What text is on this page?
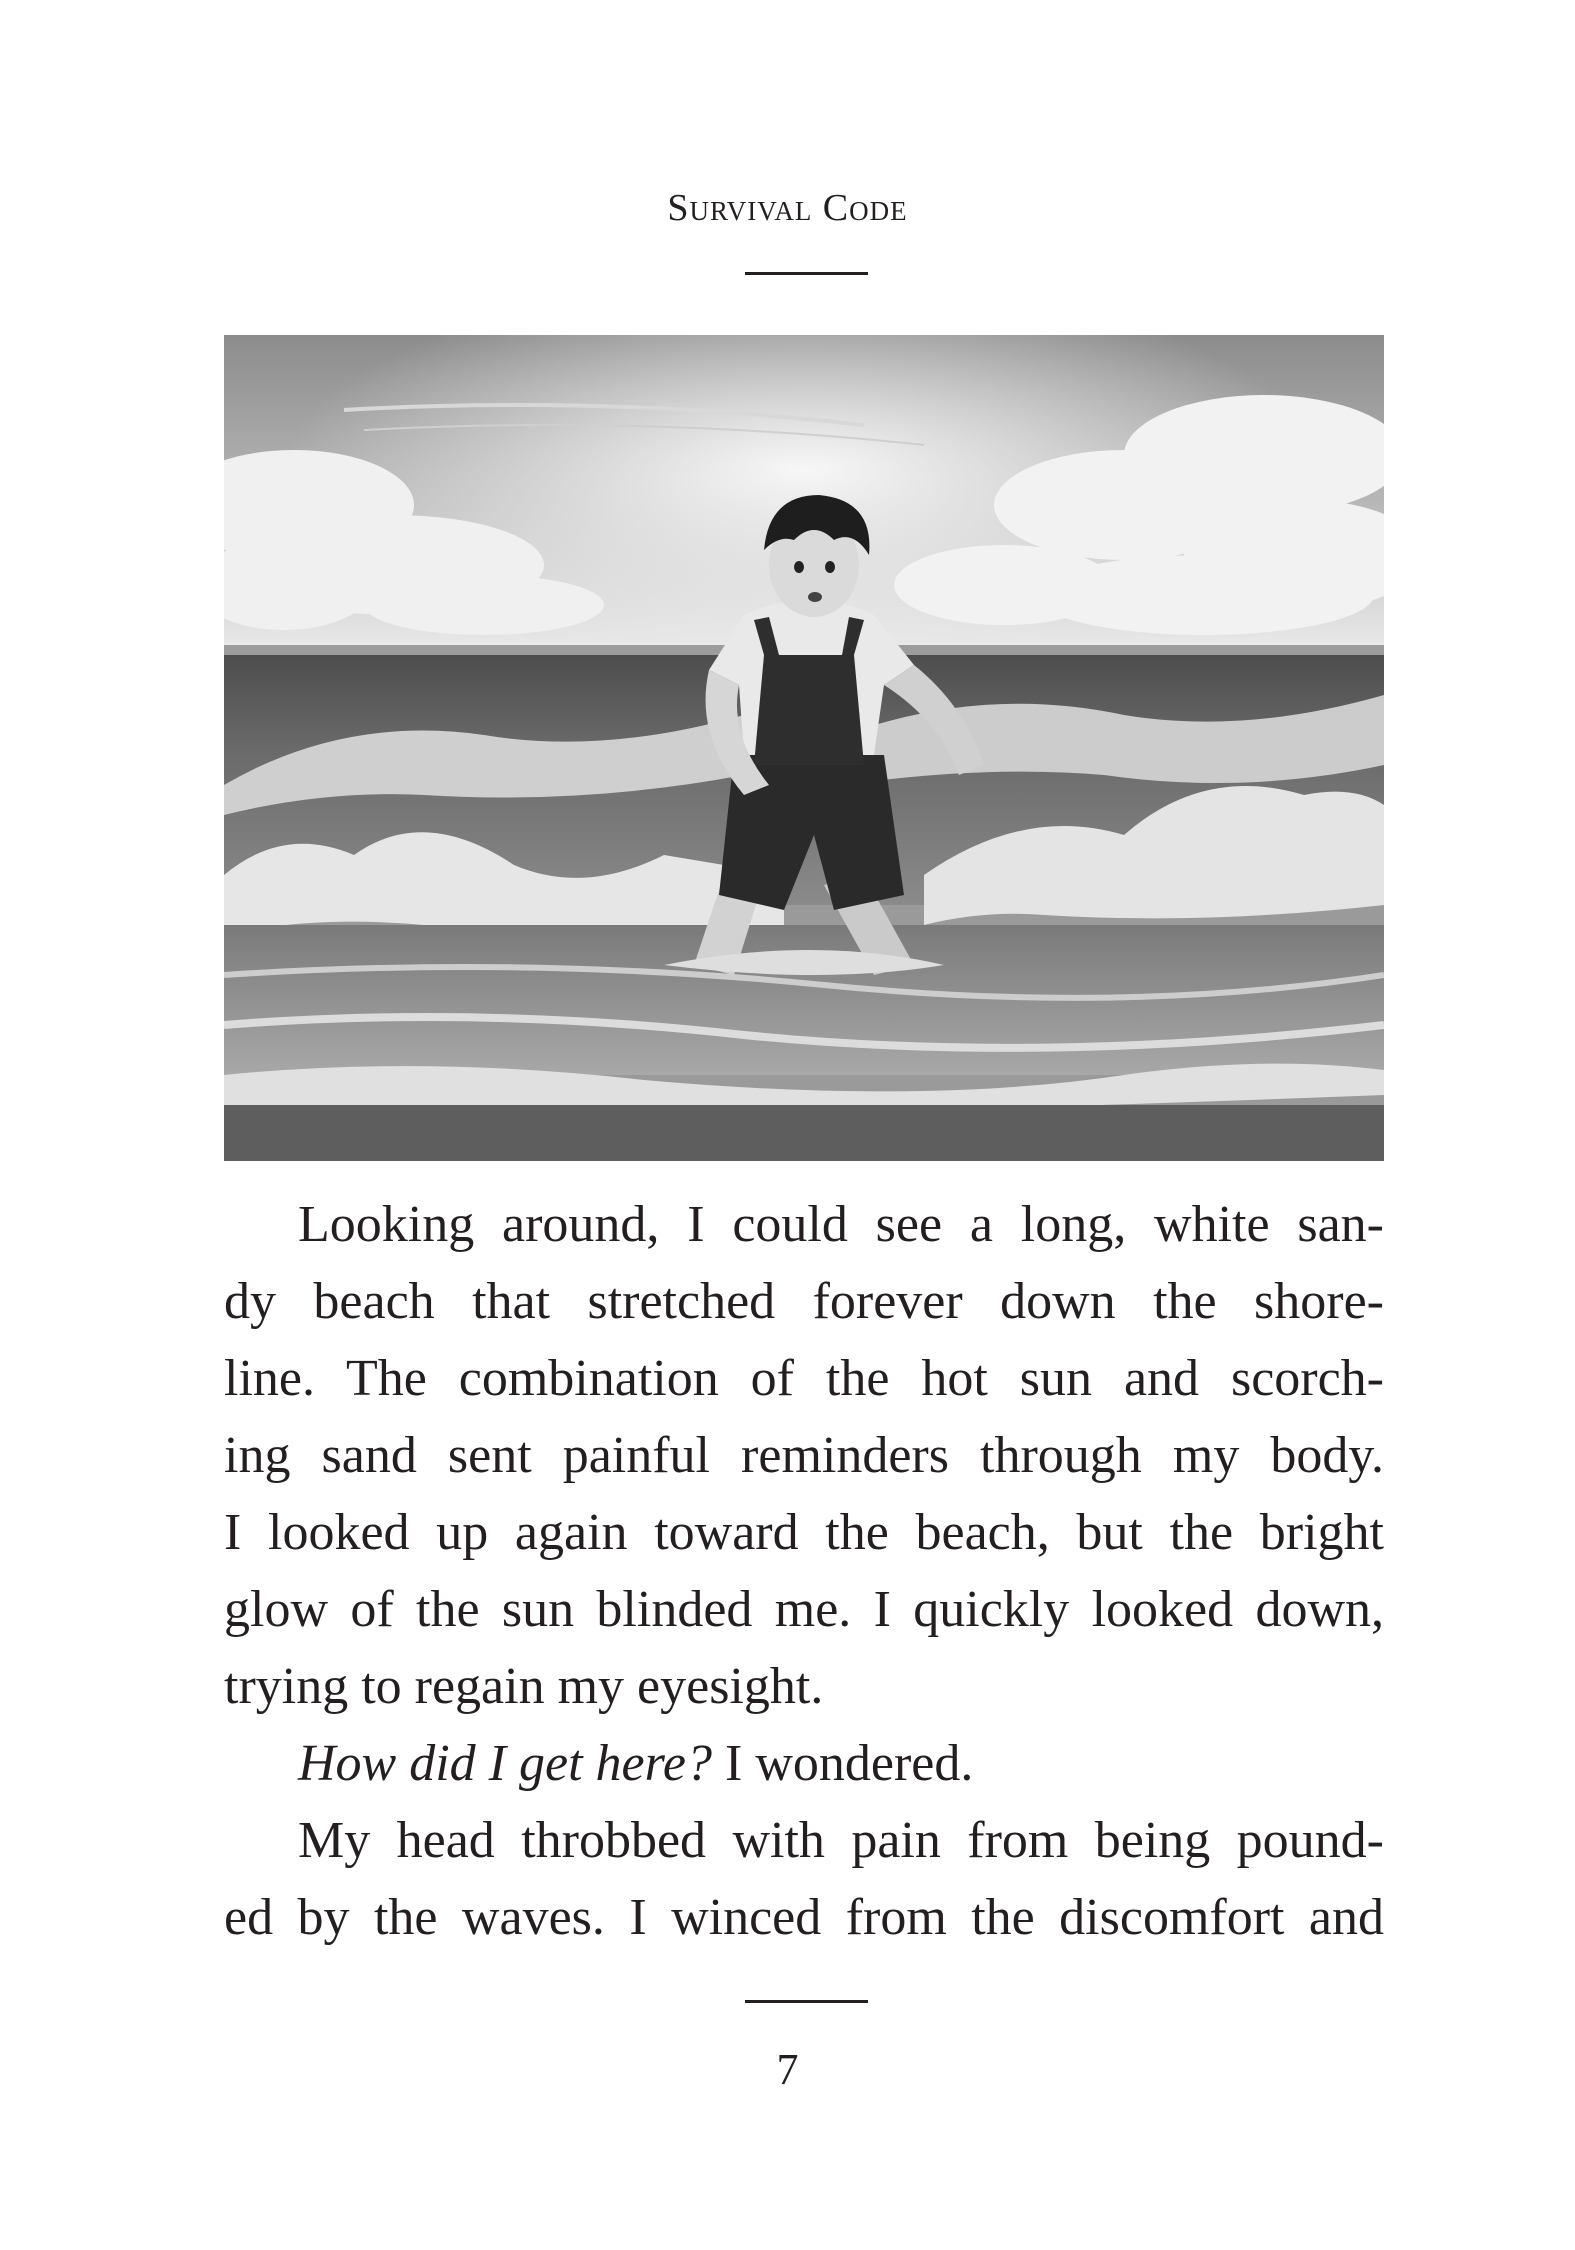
Survival Code
Looking around, I could see a long, white san-
dy beach that stretched forever down the shore-
line. The combination of the hot sun and scorch-
ing sand sent painful reminders through my body.
I looked up again toward the beach, but the bright
glow of the sun blinded me. I quickly looked down,
trying to regain my eyesight.
How did I get here? I wondered.
My head throbbed with pain from being pound-
ed by the waves. I winced from the discomfort and
7
